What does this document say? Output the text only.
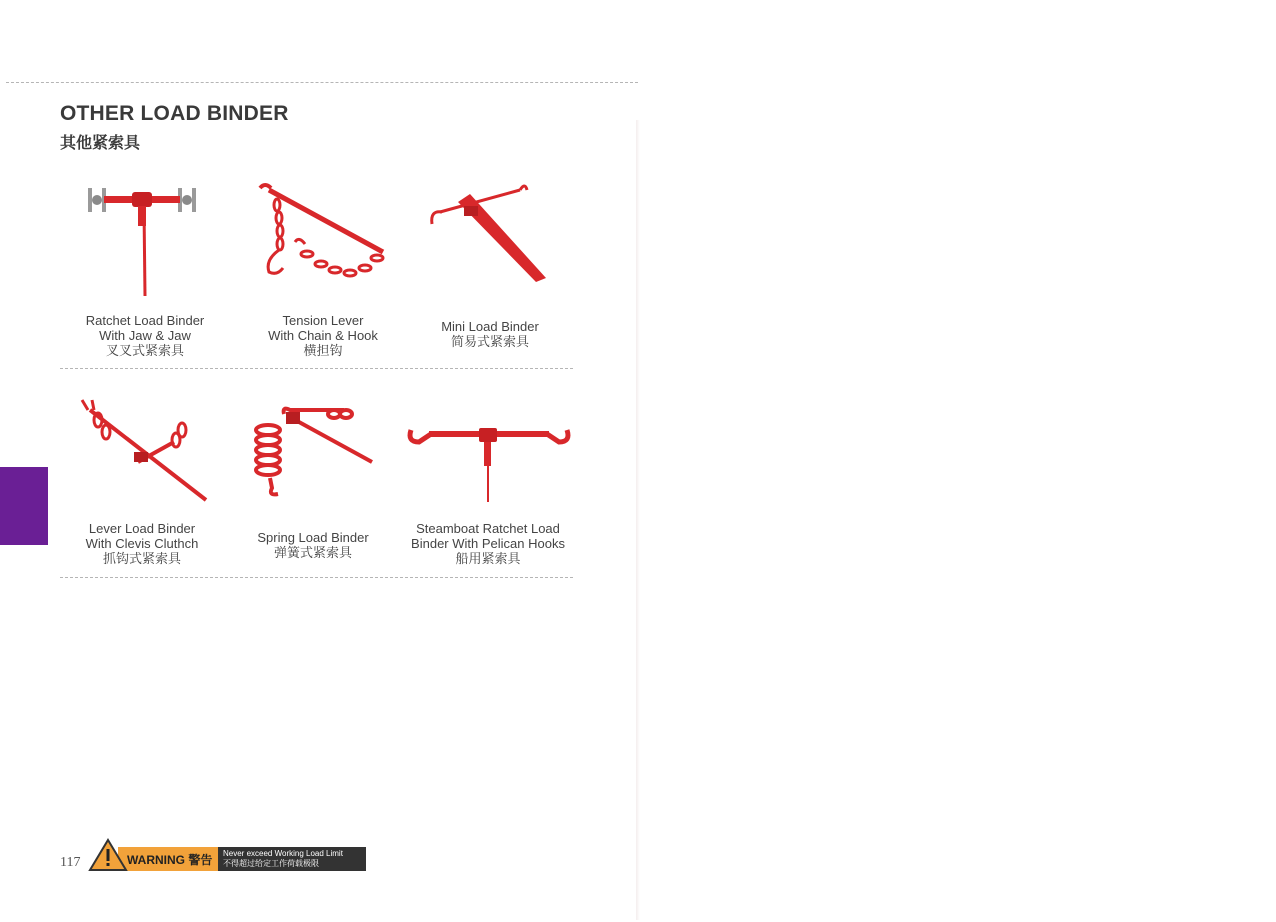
OTHER LOAD BINDER
其他紧索具
Ratchet Load Binder
With Jaw & Jaw
叉叉式紧索具
Tension Lever
With Chain & Hook
横担钩
Mini Load Binder
简易式紧索具
Lever Load Binder
With Clevis Cluthch
抓钩式紧索具
Spring Load Binder
弹簧式紧索具
Steamboat Ratchet Load
Binder With Pelican Hooks
船用紧索具
117	WARNING 警告	Never exceed Working Load Limit
不得超过给定工作荷载极限
